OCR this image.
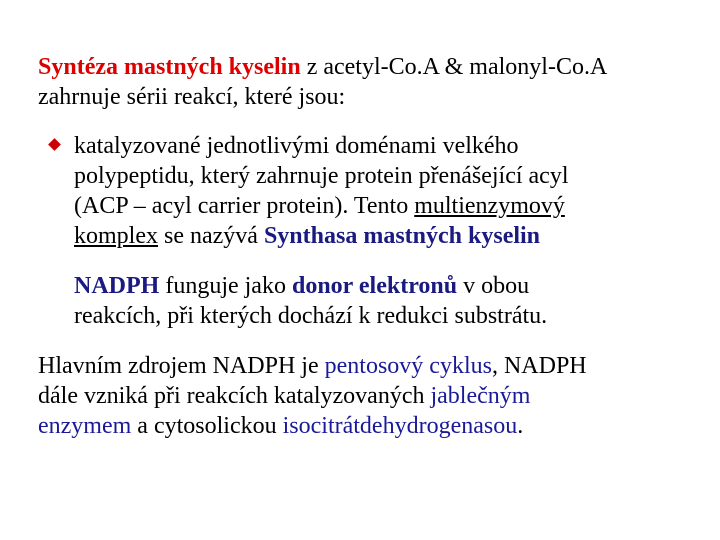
Syntéza mastných kyselin z acetyl-Co.A & malonyl-Co.A
zahrnuje sérii reakcí, které jsou:

katalyzované jednotlivými doménami velkého
polypeptidu, který zahrnuje protein přenášející acyl
(ACP – acyl carrier protein). Tento multienzymový
komplex se nazývá Synthasa mastných kyselin

NADPH funguje jako donor elektronů v obou
reakcích, při kterých dochází k redukci substrátu.

Hlavním zdrojem NADPH je pentosový cyklus, NADPH
dále vzniká při reakcích katalyzovaných jablečným
enzymem a cytosolickou isocitrátdehydrogenasou.
